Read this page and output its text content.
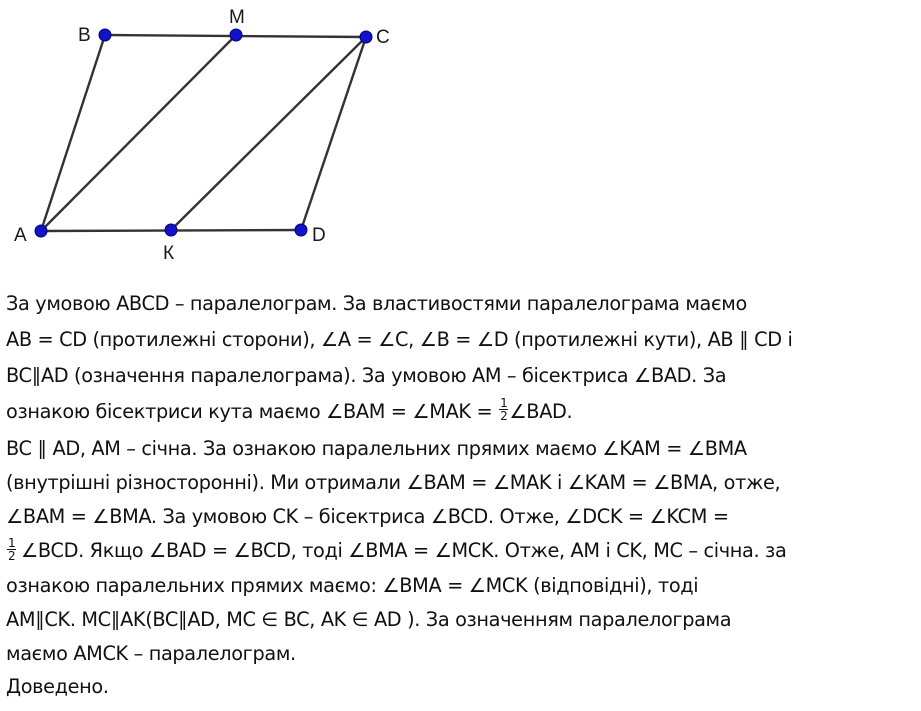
B
M
C
A
К
D
За умовою ABCD – паралелограм. За властивостями паралелограма маємо
AB = CD (протилежні сторони), ∠A = ∠C, ∠B = ∠D (протилежні кути), AB ∥ CD і
BC∥AD (означення паралелограма). За умовою AM – бісектриса ∠BAD. За
ознакою бісектриси кута маємо ∠BAM = ∠MAK = $\frac{1}{2}$ ∠BAD.
BC ∥ AD, AM – січна. За ознакою паралельних прямих маємо ∠KAM = ∠BMA
(внутрішні різносторонні). Ми отримали ∠BAM = ∠MAK і ∠KAM = ∠BMA, отже,
∠BAM = ∠BMA. За умовою CK – бісектриса ∠BCD. Отже, ∠DCK = ∠KCM =
$\frac{1}{2}$ ∠BCD. Якщо ∠BAD = ∠BCD, тоді ∠BMA = ∠MCK. Отже, AM і CK, MC – січна. за
ознакою паралельних прямих маємо: ∠BMA = ∠MCK (відповідні), тоді
AM∥CK. MC∥AK(BC∥AD, MC ∈ BC, AK ∈ AD ). За означенням паралелограма
маємо AMCK – паралелограм.
Доведено.
